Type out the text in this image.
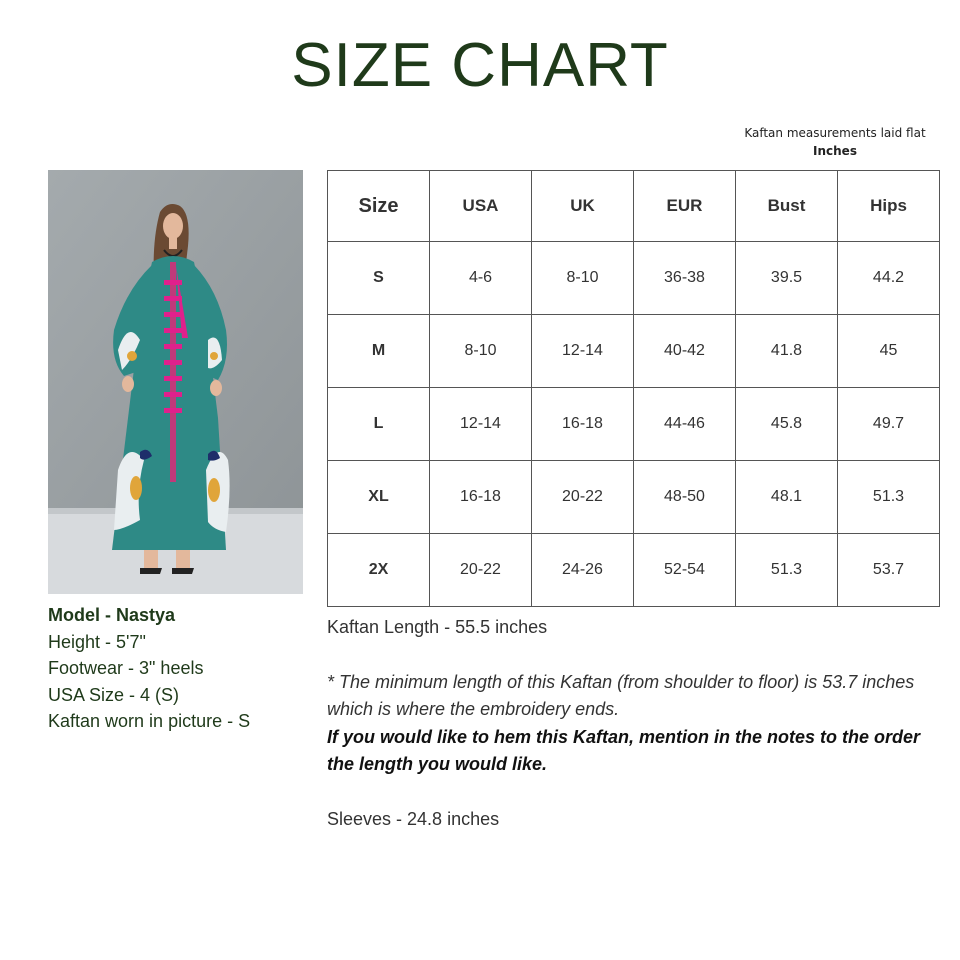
SIZE CHART
Kaftan measurements laid flat
Inches
Size	USA	UK	EUR	Bust	Hips
S	4-6	8-10	36-38	39.5	44.2
M	8-10	12-14	40-42	41.8	45
L	12-14	16-18	44-46	45.8	49.7
XL	16-18	20-22	48-50	48.1	51.3
2X	20-22	24-26	52-54	51.3	53.7
Model - Nastya
Height - 5'7"
Footwear - 3" heels
USA Size - 4 (S)
Kaftan worn in picture - S
Kaftan Length - 55.5 inches
* The minimum length of this Kaftan (from shoulder to floor) is 53.7 inches which is where the embroidery ends.
If you would like to hem this Kaftan, mention in the notes to the order the length you would like.
Sleeves - 24.8 inches
